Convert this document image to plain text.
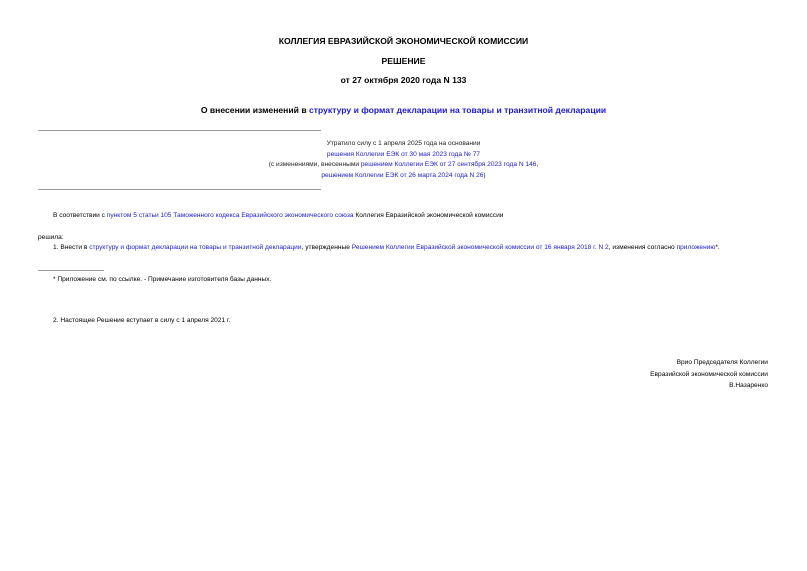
КОЛЛЕГИЯ ЕВРАЗИЙСКОЙ ЭКОНОМИЧЕСКОЙ КОМИССИИ
РЕШЕНИЕ
от 27 октября 2020 года N 133
О внесении изменений в структуру и формат декларации на товары и транзитной декларации
Утратило силу с 1 апреля 2025 года на основании
решения Коллегии ЕЭК от 30 мая 2023 года № 77
(с изменениями, внесенными решением Коллегии ЕЭК от 27 сентября 2023 года N 146,
решением Коллегии ЕЭК от 26 марта 2024 года N 26)
В соответствии с пунктом 5 статьи 105 Таможенного кодекса Евразийского экономического союза Коллегия Евразийской экономической комиссии
решила:
1. Внести в структуру и формат декларации на товары и транзитной декларации, утвержденные Решением Коллегии Евразийской экономической комиссии от 16 января 2018 г. N 2, изменения согласно приложению*.
* Приложение см. по ссылке. - Примечание изготовителя базы данных.
2. Настоящее Решение вступает в силу с 1 апреля 2021 г.
Врио Председателя Коллегии
Евразийской экономической комиссии
В.Назаренко
